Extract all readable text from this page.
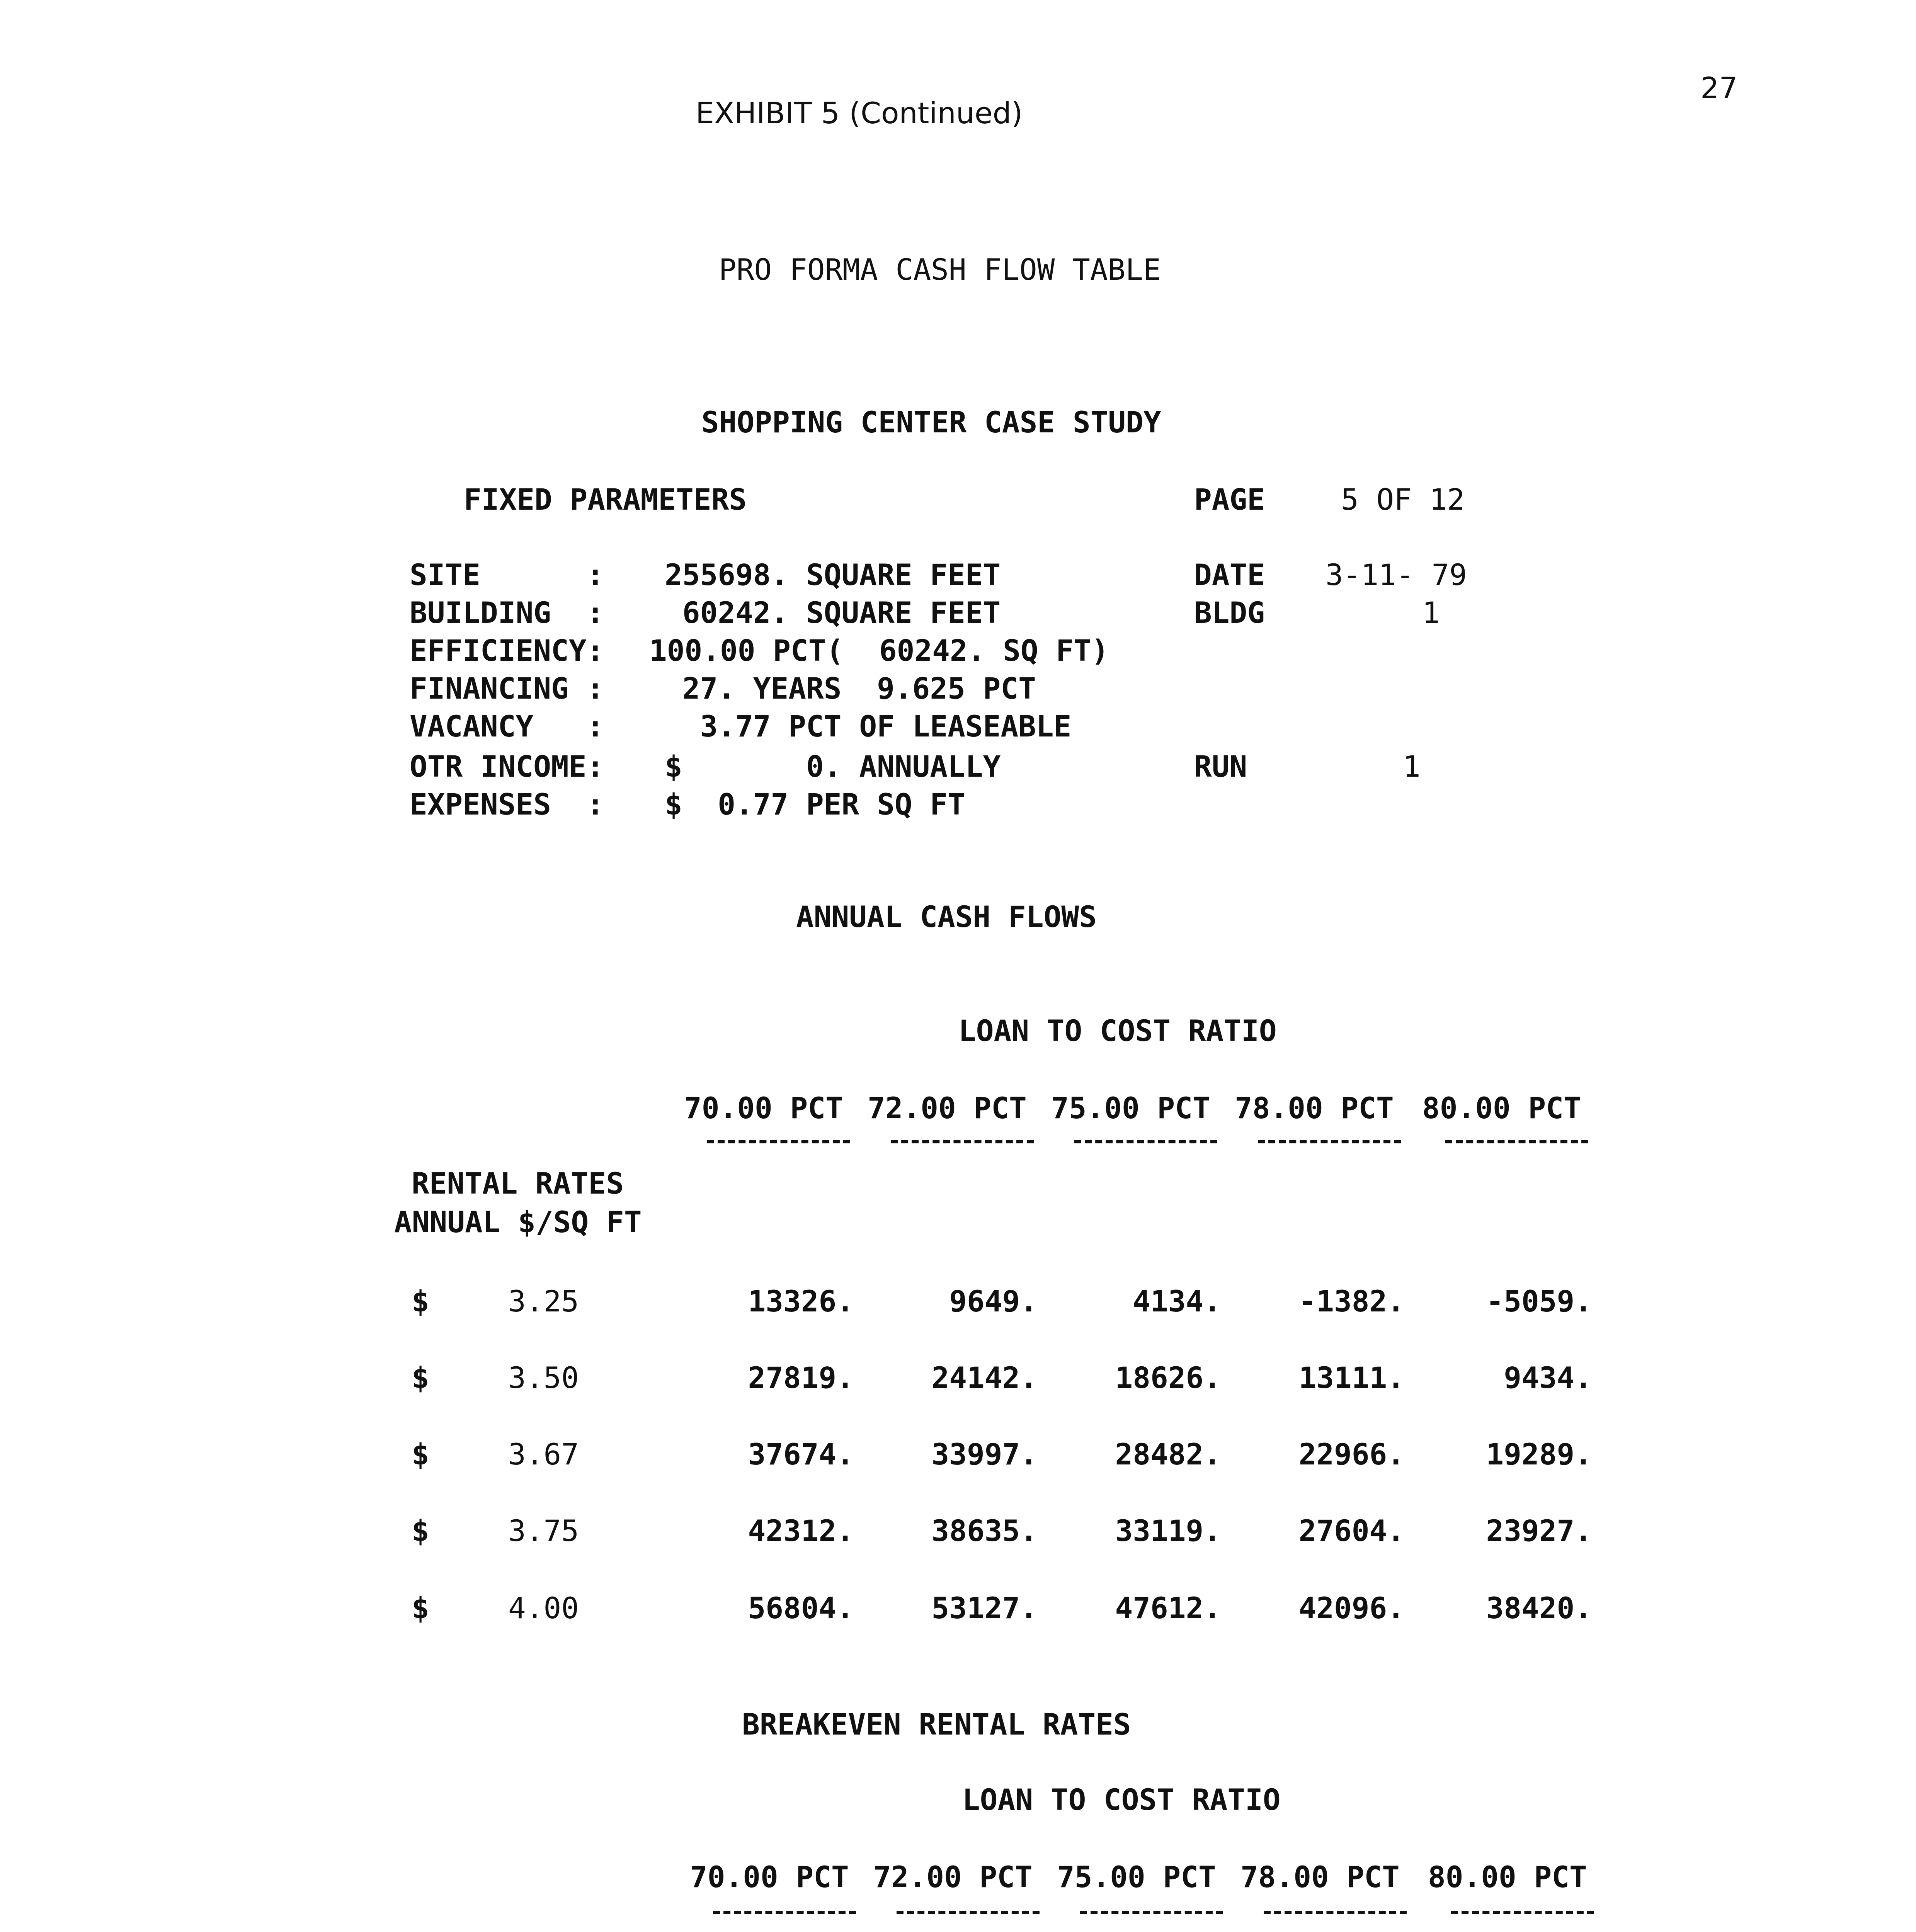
27
EXHIBIT 5 (Continued)
PRO FORMA CASH FLOW TABLE
SHOPPING CENTER CASE STUDY
FIXED PARAMETERS	PAGE	5 OF 12
SITE      : 255698. SQUARE FEET
BUILDING  : 60242. SQUARE FEET
EFFICIENCY: 100.00 PCT(  60242. SQ FT)
FINANCING : 27. YEARS  9.625 PCT
VACANCY   : 3.77 PCT OF LEASEABLE
OTR INCOME: $       0. ANNUALLY
EXPENSES  : $  0.77 PER SQ FT
DATE 3-11- 79
BLDG	1
RUN	1
ANNUAL CASH FLOWS
LOAN TO COST RATIO
70.00 PCT 72.00 PCT 75.00 PCT 78.00 PCT 80.00 PCT
RENTAL RATES
ANNUAL $/SQ FT
$	3.25	13326.	9649.	4134.	-1382.	-5059.
$	3.50	27819.	24142.	18626.	13111.	9434.
$	3.67	37674.	33997.	28482.	22966.	19289.
$	3.75	42312.	38635.	33119.	27604.	23927.
$	4.00	56804.	53127.	47612.	42096.	38420.
BREAKEVEN RENTAL RATES
LOAN TO COST RATIO
70.00 PCT 72.00 PCT 75.00 PCT 78.00 PCT 80.00 PCT
